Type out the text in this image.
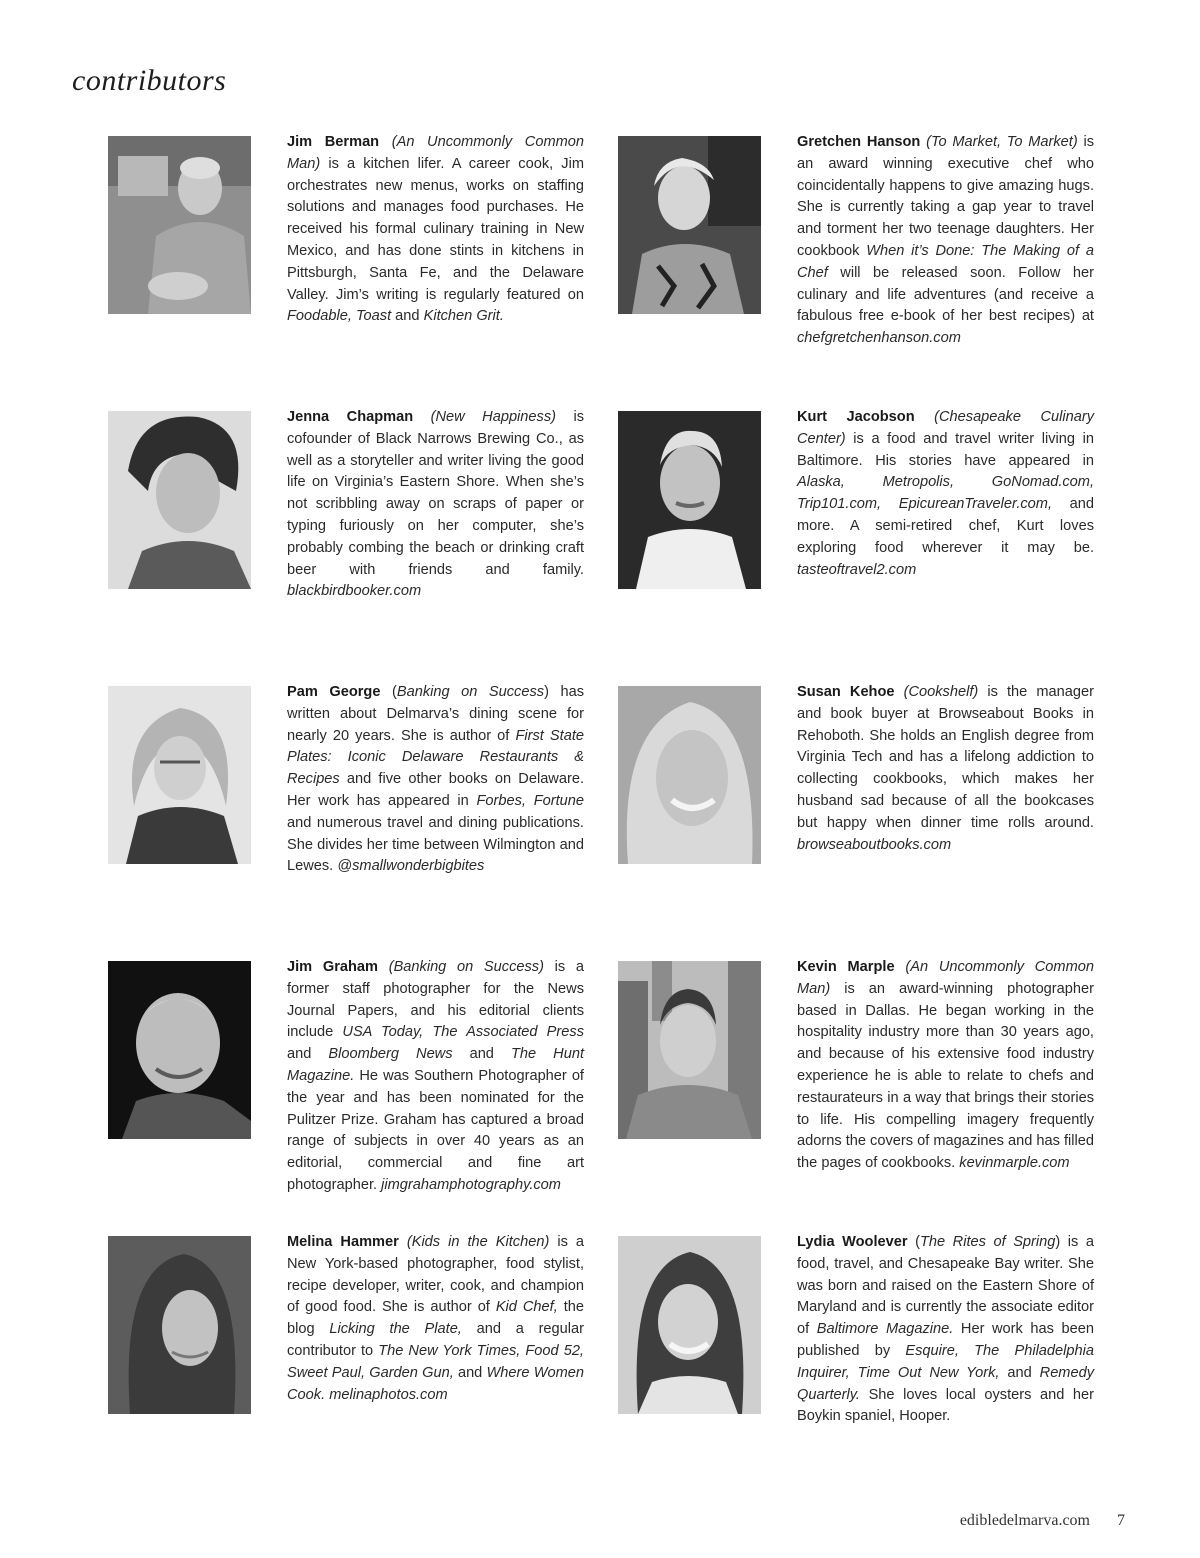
contributors

Jim Berman (An Uncommonly Common Man) is a kitchen lifer. A career cook, Jim orchestrates new menus, works on staffing solutions and manages food purchases. He received his formal culinary training in New Mexico, and has done stints in kitchens in Pittsburgh, Santa Fe, and the Delaware Valley. Jim’s writing is regularly featured on Foodable, Toast and Kitchen Grit.

Gretchen Hanson (To Market, To Market) is an award winning executive chef who coincidentally happens to give amazing hugs. She is currently taking a gap year to travel and torment her two teenage daughters. Her cookbook When it’s Done: The Making of a Chef will be released soon. Follow her culinary and life adventures (and receive a fabulous free e-book of her best recipes) at chefgretchenhanson.com

Jenna Chapman (New Happiness) is cofounder of Black Narrows Brewing Co., as well as a storyteller and writer living the good life on Virginia’s Eastern Shore. When she’s not scribbling away on scraps of paper or typing furiously on her computer, she’s probably combing the beach or drinking craft beer with friends and family. blackbirdbooker.com

Kurt Jacobson (Chesapeake Culinary Center) is a food and travel writer living in Baltimore. His stories have appeared in Alaska, Metropolis, GoNomad.com, Trip101.com, EpicureanTraveler.com, and more. A semi-retired chef, Kurt loves exploring food wherever it may be. tasteoftravel2.com

Pam George (Banking on Success) has written about Delmarva’s dining scene for nearly 20 years. She is author of First State Plates: Iconic Delaware Restaurants & Recipes and five other books on Delaware. Her work has appeared in Forbes, Fortune and numerous travel and dining publications. She divides her time between Wilmington and Lewes. @smallwonderbigbites

Susan Kehoe (Cookshelf) is the manager and book buyer at Browseabout Books in Rehoboth. She holds an English degree from Virginia Tech and has a lifelong addiction to collecting cookbooks, which makes her husband sad because of all the bookcases but happy when dinner time rolls around. browseaboutbooks.com

Jim Graham (Banking on Success) is a former staff photographer for the News Journal Papers, and his editorial clients include USA Today, The Associated Press and Bloomberg News and The Hunt Magazine. He was Southern Photographer of the year and has been nominated for the Pulitzer Prize. Graham has captured a broad range of subjects in over 40 years as an editorial, commercial and fine art photographer. jimgrahamphotography.com

Kevin Marple (An Uncommonly Common Man) is an award-winning photographer based in Dallas. He began working in the hospitality industry more than 30 years ago, and because of his extensive food industry experience he is able to relate to chefs and restaurateurs in a way that brings their stories to life. His compelling imagery frequently adorns the covers of magazines and has filled the pages of cookbooks. kevinmarple.com

Melina Hammer (Kids in the Kitchen) is a New York-based photographer, food stylist, recipe developer, writer, cook, and champion of good food. She is author of Kid Chef, the blog Licking the Plate, and a regular contributor to The New York Times, Food 52, Sweet Paul, Garden Gun, and Where Women Cook. melinaphotos.com

Lydia Woolever (The Rites of Spring) is a food, travel, and Chesapeake Bay writer. She was born and raised on the Eastern Shore of Maryland and is currently the associate editor of Baltimore Magazine. Her work has been published by Esquire, The Philadelphia Inquirer, Time Out New York, and Remedy Quarterly. She loves local oysters and her Boykin spaniel, Hooper.

edibledelmarva.com 7
